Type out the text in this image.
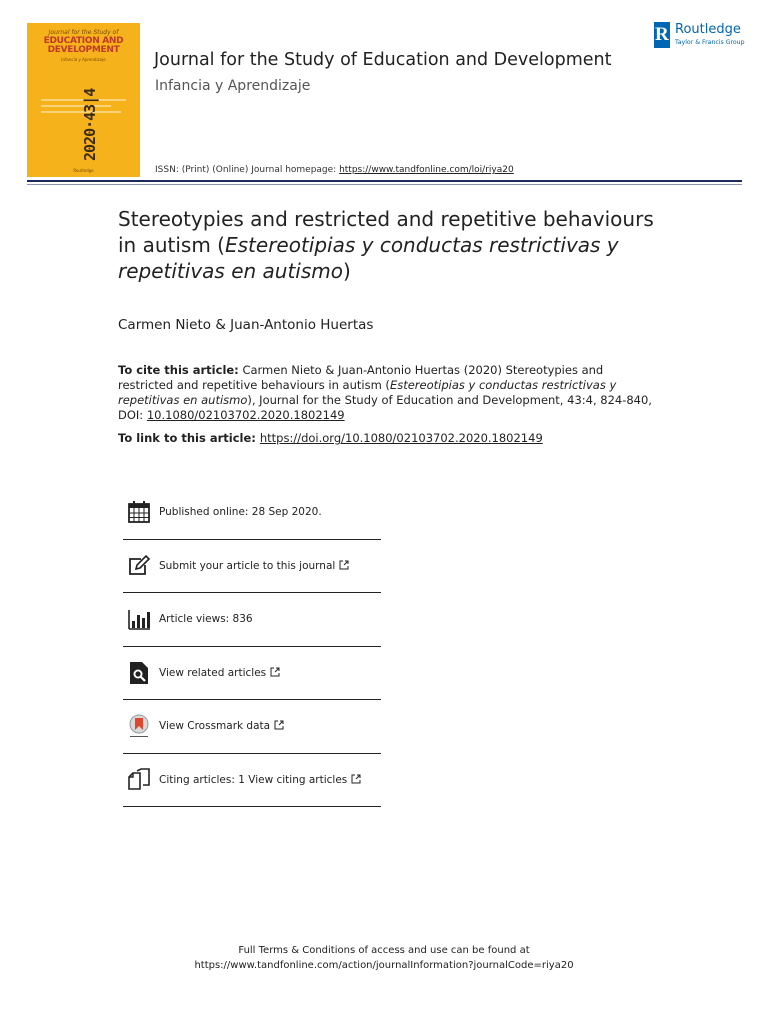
Journal for the Study of
EDUCATION AND
DEVELOPMENT
Infancia y Aprendizaje
2020·43|4
Routledge
Journal for the Study of Education and Development
Infancia y Aprendizaje
ISSN: (Print) (Online) Journal homepage: https://www.tandfonline.com/loi/riya20
R Routledge
Taylor & Francis Group
Stereotypies and restricted and repetitive behaviours in autism (Estereotipias y conductas restrictivas y repetitivas en autismo)
Carmen Nieto & Juan-Antonio Huertas
To cite this article: Carmen Nieto & Juan-Antonio Huertas (2020) Stereotypies and restricted and repetitive behaviours in autism (Estereotipias y conductas restrictivas y repetitivas en autismo), Journal for the Study of Education and Development, 43:4, 824-840, DOI: 10.1080/02103702.2020.1802149
To link to this article: https://doi.org/10.1080/02103702.2020.1802149
Published online: 28 Sep 2020.
Submit your article to this journal
Article views: 836
View related articles
View Crossmark data
Citing articles: 1 View citing articles
Full Terms & Conditions of access and use can be found at
https://www.tandfonline.com/action/journalInformation?journalCode=riya20
